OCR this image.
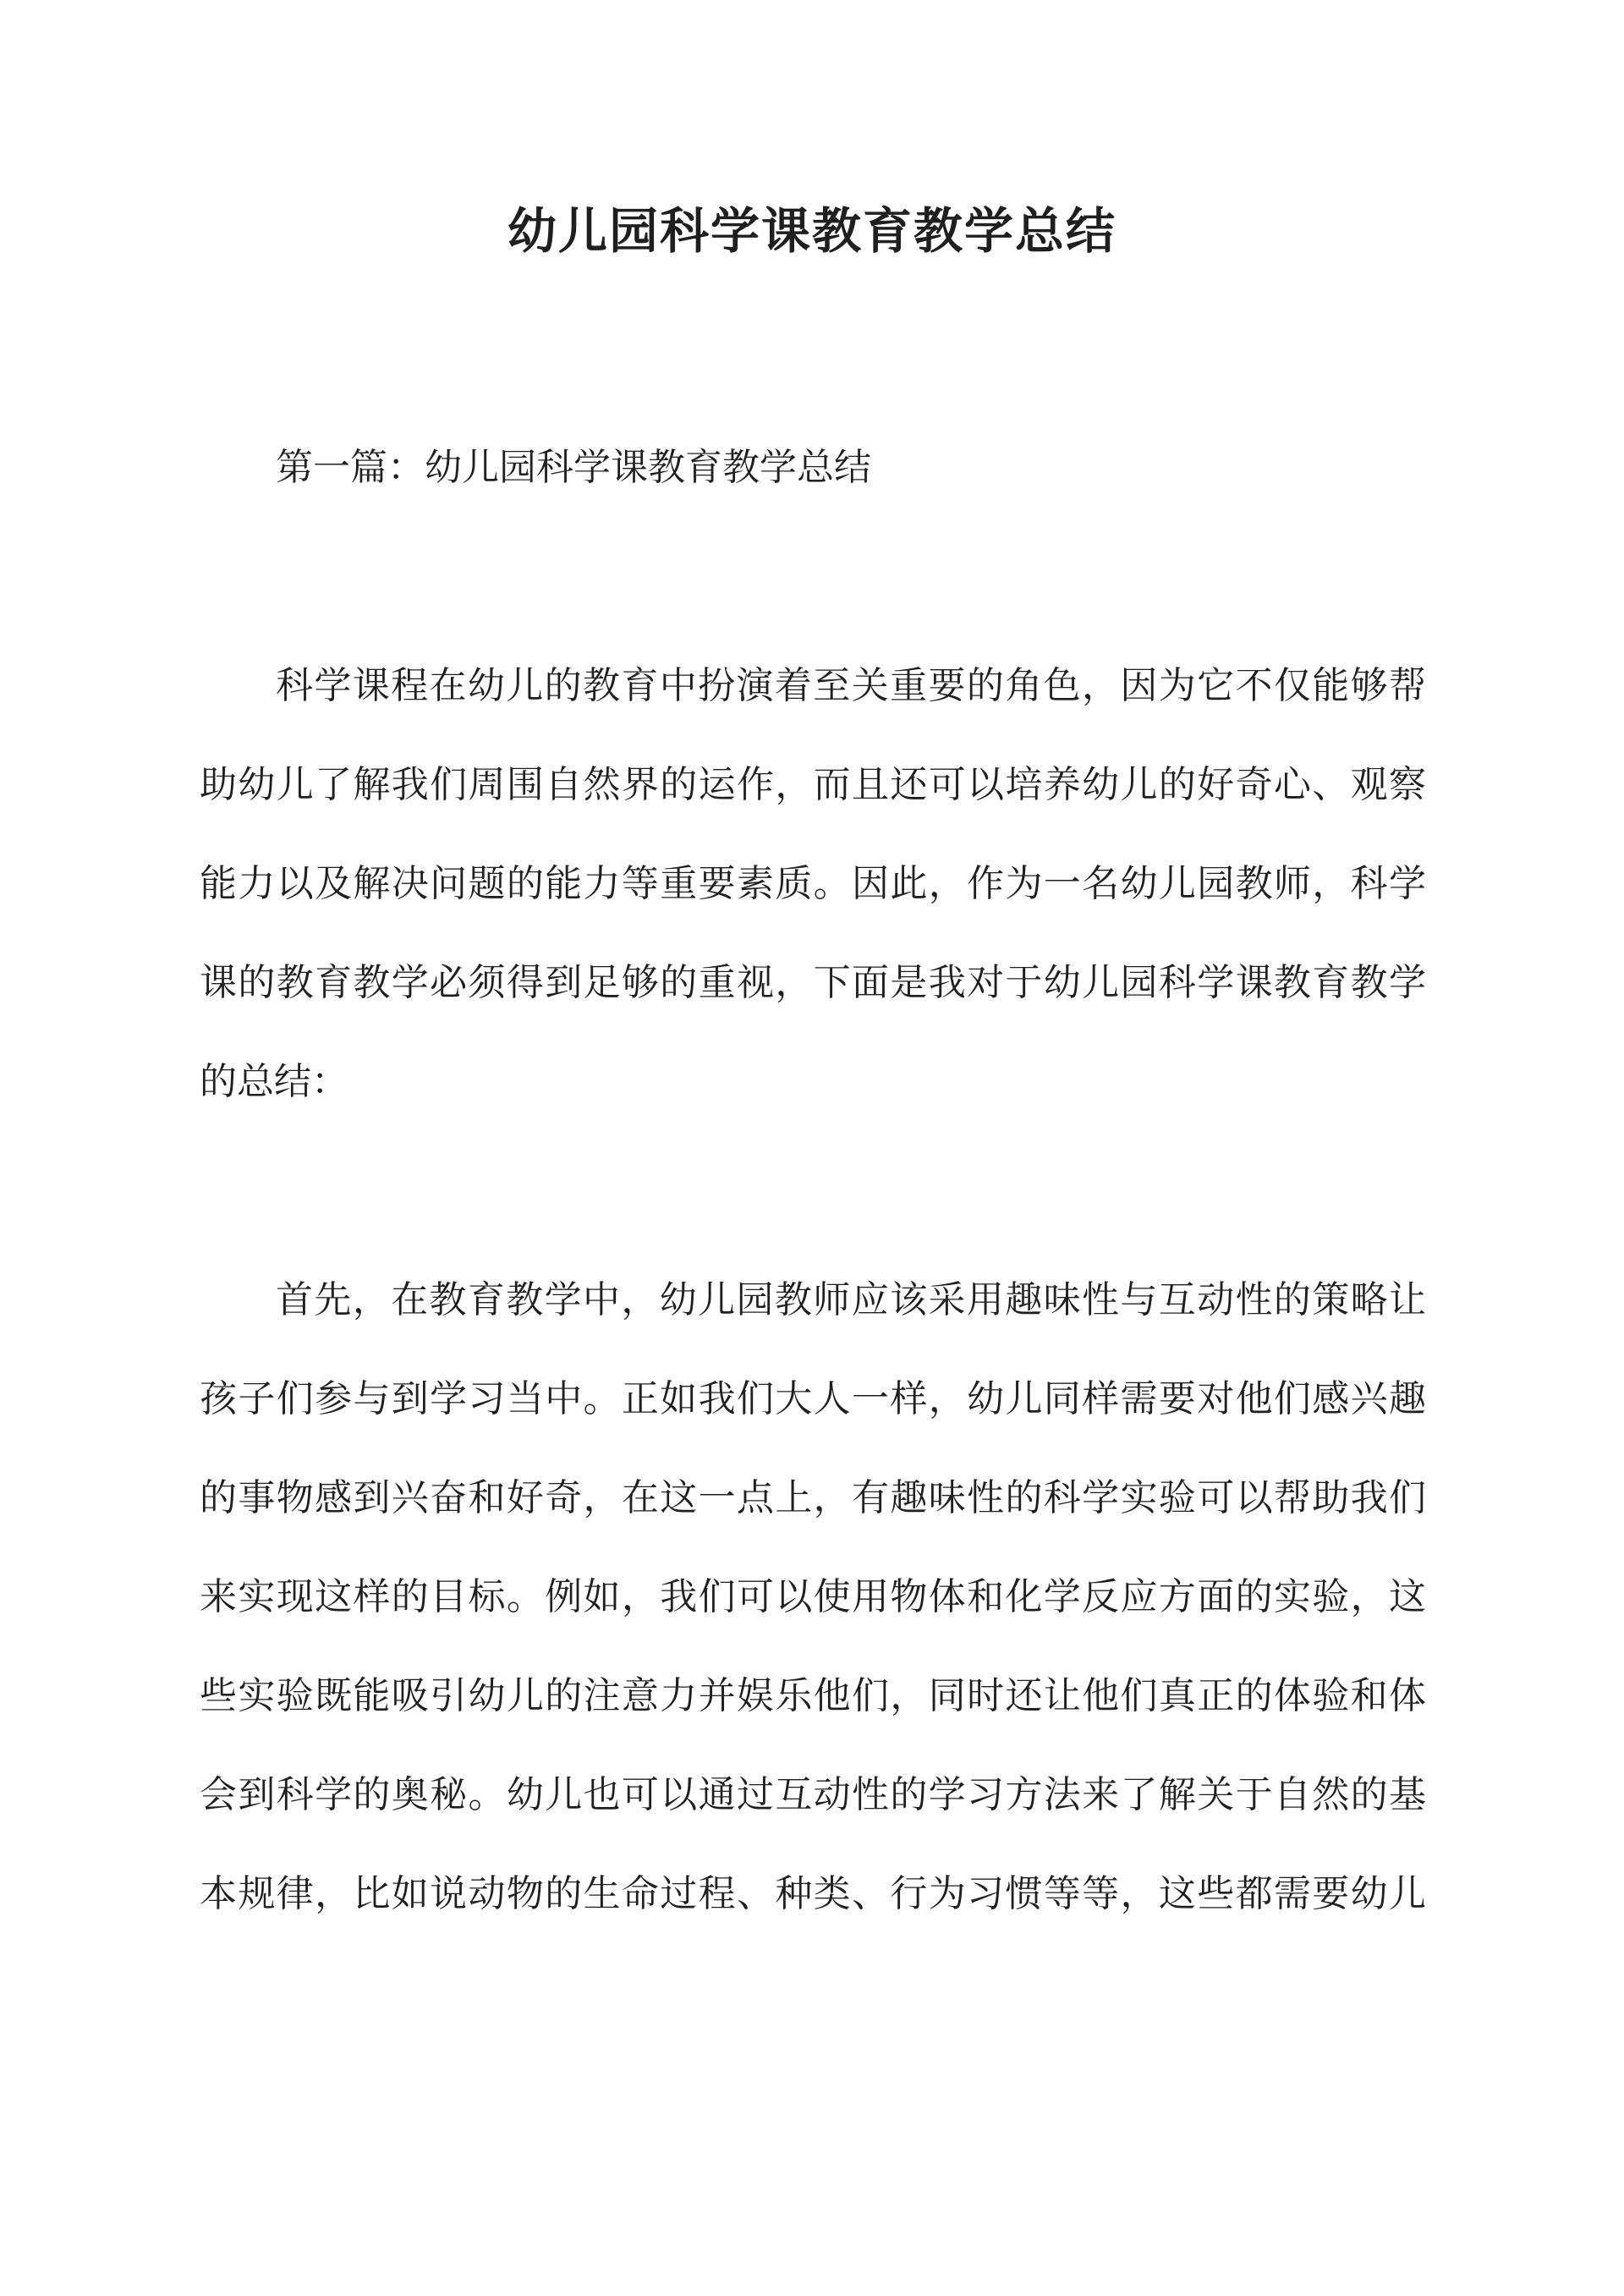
幼儿园科学课教育教学总结

第一篇：幼儿园科学课教育教学总结

科学课程在幼儿的教育中扮演着至关重要的角色，因为它不仅能够帮
助幼儿了解我们周围自然界的运作，而且还可以培养幼儿的好奇心、观察
能力以及解决问题的能力等重要素质。因此，作为一名幼儿园教师，科学
课的教育教学必须得到足够的重视，下面是我对于幼儿园科学课教育教学
的总结：
首先，在教育教学中，幼儿园教师应该采用趣味性与互动性的策略让
孩子们参与到学习当中。正如我们大人一样，幼儿同样需要对他们感兴趣
的事物感到兴奋和好奇，在这一点上，有趣味性的科学实验可以帮助我们
来实现这样的目标。例如，我们可以使用物体和化学反应方面的实验，这
些实验既能吸引幼儿的注意力并娱乐他们，同时还让他们真正的体验和体
会到科学的奥秘。幼儿也可以通过互动性的学习方法来了解关于自然的基
本规律，比如说动物的生命过程、种类、行为习惯等等，这些都需要幼儿
